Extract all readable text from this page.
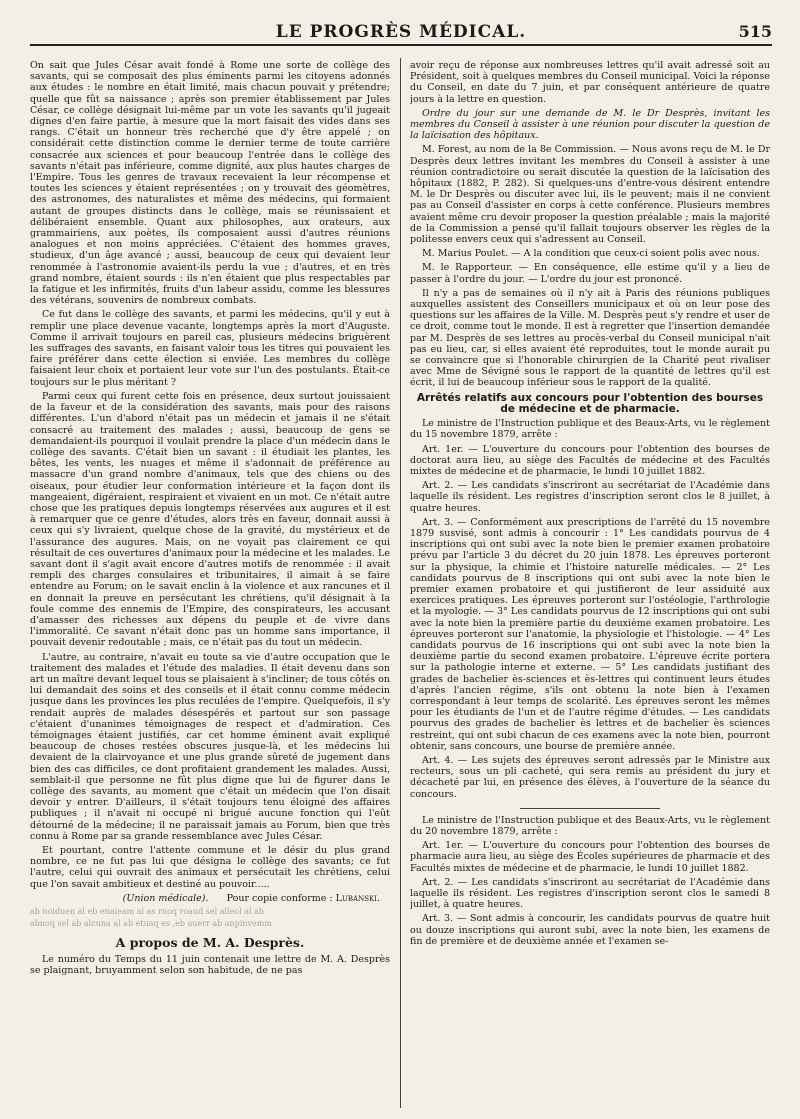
LE PROGRÈS MÉDICAL.	515

On sait que Jules César avait fondé à Rome une sorte de collège des savants, qui se composait des plus éminents parmi les citoyens adonnés aux études : le nombre en était limité, mais chacun pouvait y prétendre; quelle que fût sa naissance ; après son premier établissement par Jules César, ce collège désignait lui-même par un vote les savants qu'il jugeait dignes d'en faire partie, à mesure que la mort faisait des vides dans ses rangs. C'était un honneur très recherché que d'y être appelé ; on considérait cette distinction comme le dernier terme de toute carrière consacrée aux sciences et pour beaucoup l'entrée dans le collège des savants n'était pas inférieure, comme dignité, aux plus hautes charges de l'Empire. Tous les genres de travaux recevaient la leur récompense et toutes les sciences y étaient représentées ; on y trouvait des géomètres, des astronomes, des naturalistes et même des médecins, qui formaient autant de groupes distincts dans le collège, mais se réunissaient et délibéraient ensemble. Quant aux philosophes, aux orateurs, aux grammairiens, aux poètes, ils composaient aussi d'autres réunions analogues et non moins appréciées. C'étaient des hommes graves, studieux, d'un âge avancé ; aussi, beaucoup de ceux qui devaient leur renommée à l'astronomie avaient-ils perdu la vue ; d'autres, et en très grand nombre, étaient sourds : ils n'en étaient que plus respectables par la fatigue et les infirmités, fruits d'un labeur assidu, comme les blessures des vétérans, souvenirs de nombreux combats.

Ce fut dans le collège des savants, et parmi les médecins, qu'il y eut à remplir une place devenue vacante, longtemps après la mort d'Auguste. Comme il arrivait toujours en pareil cas, plusieurs médecins briguèrent les suffrages des savants, en faisant valoir tous les titres qui pouvaient les faire préférer dans cette élection si enviée. Les membres du collège faisaient leur choix et portaient leur vote sur l'un des postulants. Était-ce toujours sur le plus méritant ?

Parmi ceux qui furent cette fois en présence, deux surtout jouissaient de la faveur et de la considération des savants, mais pour des raisons différentes. L'un d'abord n'était pas un médecin et jamais il ne s'était consacré au traitement des malades ; aussi, beaucoup de gens se demandaient-ils pourquoi il voulait prendre la place d'un médecin dans le collège des savants. C'était bien un savant : il étudiait les plantes, les bêtes, les vents, les nuages et même il s'adonnait de préférence au massacre d'un grand nombre d'animaux, tels que des chiens ou des oiseaux, pour étudier leur conformation intérieure et la façon dont ils mangeaient, digéraient, respiraient et vivaient en un mot. Ce n'était autre chose que les pratiques depuis longtemps réservées aux augures et il est à remarquer que ce genre d'études, alors très en faveur, donnait aussi à ceux qui s'y livraient, quelque chose de la gravité, du mystérieux et de l'assurance des augures. Mais, on ne voyait pas clairement ce qui résultait de ces ouvertures d'animaux pour la médecine et les malades. Le savant dont il s'agit avait encore d'autres motifs de renommée : il avait rempli des charges consulaires et tribunitaires, il aimait à se faire entendre au Forum; on le savait enclin à la violence et aux rancunes et il en donnait la preuve en persécutant les chrétiens, qu'il désignait à la foule comme des ennemis de l'Empire, des conspirateurs, les accusant d'amasser des richesses aux dépens du peuple et de vivre dans l'immoralité. Ce savant n'était donc pas un homme sans importance, il pouvait devenir redoutable ; mais, ce n'était pas du tout un médecin.

L'autre, au contraire, n'avait eu toute sa vie d'autre occupation que le traitement des malades et l'étude des maladies. Il était devenu dans son art un maître devant lequel tous se plaisaient à s'incliner; de tous côtés on lui demandait des soins et des conseils et il était connu comme médecin jusque dans les provinces les plus reculées de l'empire. Quelquefois, il s'y rendait auprès de malades désespérés et partout sur son passage c'étaient d'unanimes témoignages de respect et d'admiration. Ces témoignages étaient justifiés, car cet homme éminent avait expliqué beaucoup de choses restées obscures jusque-là, et les médecins lui devaient de la clairvoyance et une plus grande sûreté de jugement dans bien des cas difficiles, ce dont profitaient grandement les malades. Aussi, semblait-il que personne ne fût plus digne que lui de figurer dans le collège des savants, au moment que c'était un médecin que l'on disait devoir y entrer. D'ailleurs, il s'était toujours tenu éloigné des affaires publiques ; il n'avait ni occupé ni brigué aucune fonction qui l'eût détourné de la médecine; il ne paraissait jamais au Forum, bien que très connu à Rome par sa grande ressemblance avec Jules César.

Et pourtant, contre l'attente commune et le désir du plus grand nombre, ce ne fut pas lui que désigna le collège des savants; ce fut l'autre, celui qui ouvrait des animaux et persécutait les chrétiens, celui que l'on savait ambitieux et destiné au pouvoir.....

(Union médicale). Pour copie conforme : Lubanski.

ab noiduen al eb enaieam al as ruoq roaud sel alleol al ab

abnoq sel ab alcuna al ab etuaq es ,eb auerr ab anpinvemm

A propos de M. A. Desprès.

Le numéro du Temps du 11 juin contenait une lettre de M. A. Desprès se plaignant, bruyamment selon son habitude, de ne pas

avoir reçu de réponse aux nombreuses lettres qu'il avait adressé soit au Président, soit à quelques membres du Conseil municipal. Voici la réponse du Conseil, en date du 7 juin, et par conséquent antérieure de quatre jours à la lettre en question.

Ordre du jour sur une demande de M. le Dr Desprès, invitant les membres du Conseil à assister à une réunion pour discuter la question de la laïcisation des hôpitaux.

M. Forest, au nom de la 8e Commission. — Nous avons reçu de M. le Dr Desprès deux lettres invitant les membres du Conseil à assister à une réunion contradictoire ou serait discutée la question de la laïcisation des hôpitaux (1882, P. 282). Si quelques-uns d'entre-vous désirent entendre M. le Dr Desprès ou discuter avec lui, ils le peuvent; mais il ne convient pas au Conseil d'assister en corps à cette conférence. Plusieurs membres avaient même cru devoir proposer la question préalable ; mais la majorité de la Commission a pensé qu'il fallait toujours observer les règles de la politesse envers ceux qui s'adressent au Conseil.

M. Marius Poulet. — A la condition que ceux-ci soient polis avec nous.

M. le Rapporteur. — En conséquence, elle estime qu'il y a lieu de passer à l'ordre du jour. — L'ordre du jour est prononcé.

Il n'y a pas de semaines où il n'y ait à Paris des réunions publiques auxquelles assistent des Conseillers municipaux et où on leur pose des questions sur les affaires de la Ville. M. Desprès peut s'y rendre et user de ce droit, comme tout le monde. Il est à regretter que l'insertion demandée par M. Desprès de ses lettres au procès-verbal du Conseil municipal n'ait pas eu lieu, car, si elles avaient été reproduites, tout le monde aurait pu se convaincre que si l'honorable chirurgien de la Charité peut rivaliser avec Mme de Sévigné sous le rapport de la quantité de lettres qu'il est écrit, il lui de beaucoup inférieur sous le rapport de la qualité.

Arrêtés relatifs aux concours pour l'obtention des bourses de médecine et de pharmacie.

Le ministre de l'Instruction publique et des Beaux-Arts, vu le règlement du 15 novembre 1879, arrête :

Art. 1er. — L'ouverture du concours pour l'obtention des bourses de doctorat aura lieu, au siège des Facultés de médecine et des Facultés mixtes de médecine et de pharmacie, le lundi 10 juillet 1882.

Art. 2. — Les candidats s'inscriront au secrétariat de l'Académie dans laquelle ils résident. Les registres d'inscription seront clos le 8 juillet, à quatre heures.

Art. 3. — Conformément aux prescriptions de l'arrêté du 15 novembre 1879 susvisé, sont admis à concourir : 1° Les candidats pourvus de 4 inscriptions qui ont subi avec la note bien le premier examen probatoire prévu par l'article 3 du décret du 20 juin 1878. Les épreuves porteront sur la physique, la chimie et l'histoire naturelle médicales. — 2° Les candidats pourvus de 8 inscriptions qui ont subi avec la note bien le premier examen probatoire et qui justifieront de leur assiduité aux exercices pratiques. Les épreuves porteront sur l'ostéologie, l'arthrologie et la myologie. — 3° Les candidats pourvus de 12 inscriptions qui ont subi avec la note bien la première partie du deuxième examen probatoire. Les épreuves porteront sur l'anatomie, la physiologie et l'histologie. — 4° Les candidats pourvus de 16 inscriptions qui ont subi avec la note bien la deuxième partie du second examen probatoire. L'épreuve écrite portera sur la pathologie interne et externe. — 5° Les candidats justifiant des grades de bachelier ès-sciences et ès-lettres qui continuent leurs études d'après l'ancien régime, s'ils ont obtenu la note bien à l'examen correspondant à leur temps de scolarité. Les épreuves seront les mêmes pour les étudiants de l'un et de l'autre régime d'études. — Les candidats pourvus des grades de bachelier ès lettres et de bachelier ès sciences restreint, qui ont subi chacun de ces examens avec la note bien, pourront obtenir, sans concours, une bourse de première année.

Art. 4. — Les sujets des épreuves seront adressés par le Ministre aux recteurs, sous un pli cacheté, qui sera remis au président du jury et décacheté par lui, en présence des élèves, à l'ouverture de la séance du concours.

Le ministre de l'Instruction publique et des Beaux-Arts, vu le règlement du 20 novembre 1879, arrête :

Art. 1er. — L'ouverture du concours pour l'obtention des bourses de pharmacie aura lieu, au siège des Écoles supérieures de pharmacie et des Facultés mixtes de médecine et de pharmacie, le lundi 10 juillet 1882.

Art. 2. — Les candidats s'inscriront au secrétariat de l'Académie dans laquelle ils résident. Les registres d'inscription seront clos le samedi 8 juillet, à quatre heures.

Art. 3. — Sont admis à concourir, les candidats pourvus de quatre huit ou douze inscriptions qui auront subi, avec la note bien, les examens de fin de première et de deuxième année et l'examen se-
